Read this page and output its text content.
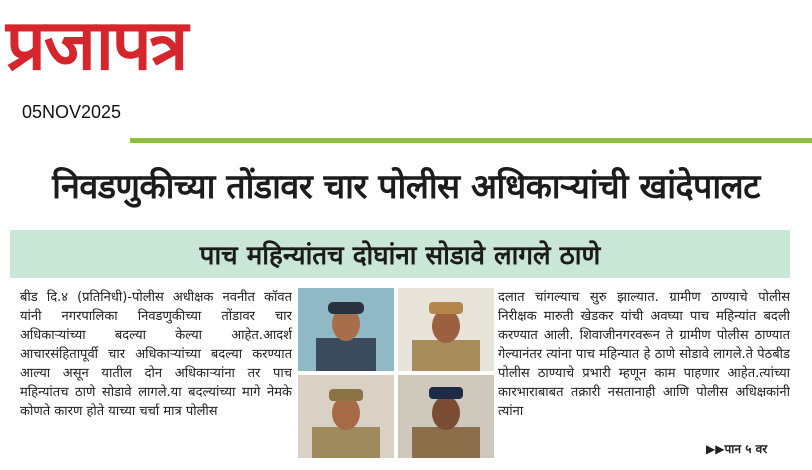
प्रजापत्र
05NOV2025
निवडणुकीच्या तोंडावर चार पोलीस अधिकाऱ्यांची खांदेपालट
पाच महिन्यांतच दोघांना सोडावे लागले ठाणे
बीड दि.४ (प्रतिनिधी)-पोलीस अधीक्षक नवनीत कॉवत यांनी नगरपालिका निवडणुकीच्या तोंडावर चार अधिकाऱ्यांच्या बदल्या केल्या आहेत.आदर्श आचारसंहितापूर्वी चार अधिकाऱ्यांच्या बदल्या करण्यात आल्या असून यातील दोन अधिकाऱ्यांना तर पाच महिन्यांतच ठाणे सोडावे लागले.या बदल्यांच्या मागे नेमके कोणते कारण होते याच्या चर्चा मात्र पोलीस
दलात चांगल्याच सुरु झाल्यात. ग्रामीण ठाण्याचे पोलीस निरीक्षक मारुती खेडकर यांची अवघ्या पाच महिन्यांत बदली करण्यात आली. शिवाजीनगरवरून ते ग्रामीण पोलीस ठाण्यात गेल्यानंतर त्यांना पाच महिन्यात हे ठाणे सोडावे लागले.ते पेठबीड पोलीस ठाण्याचे प्रभारी म्हणून काम पाहणार आहेत.त्यांच्या कारभाराबाबत तक्रारी नसतानाही आणि पोलीस अधिक्षकांनी त्यांना
▶▶पान ५ वर
